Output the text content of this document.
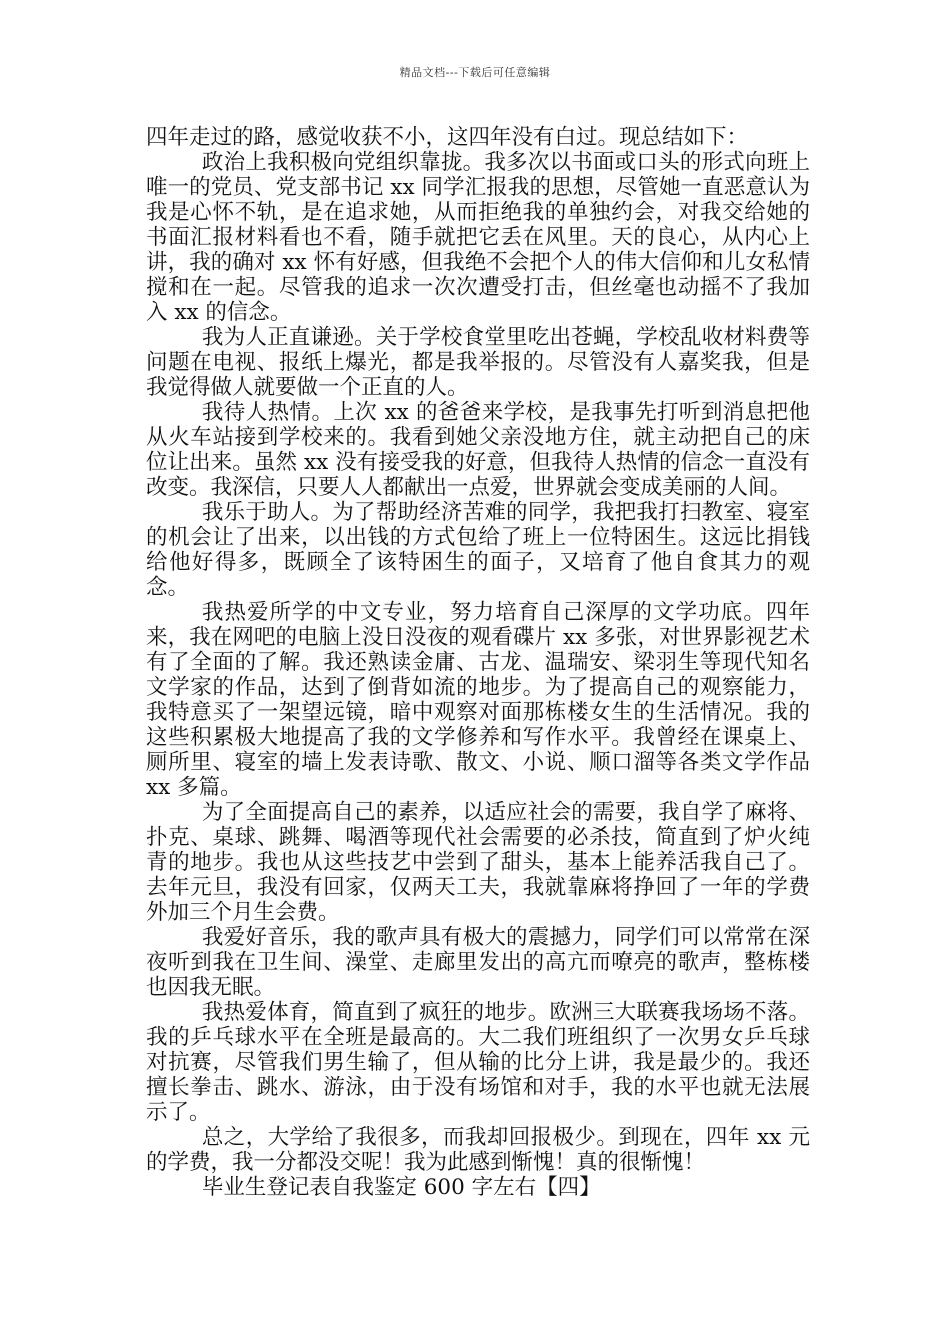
精品文档---下载后可任意编辑

四年走过的路，感觉收获不小，这四年没有白过。现总结如下：

政治上我积极向党组织靠拢。我多次以书面或口头的形式向班上唯一的党员、党支部书记 xx 同学汇报我的思想，尽管她一直恶意认为我是心怀不轨，是在追求她，从而拒绝我的单独约会，对我交给她的书面汇报材料看也不看，随手就把它丢在风里。天的良心，从内心上讲，我的确对 xx 怀有好感，但我绝不会把个人的伟大信仰和儿女私情搅和在一起。尽管我的追求一次次遭受打击，但丝毫也动摇不了我加入 xx 的信念。

我为人正直谦逊。关于学校食堂里吃出苍蝇，学校乱收材料费等问题在电视、报纸上爆光，都是我举报的。尽管没有人嘉奖我，但是我觉得做人就要做一个正直的人。

我待人热情。上次 xx 的爸爸来学校，是我事先打听到消息把他从火车站接到学校来的。我看到她父亲没地方住，就主动把自己的床位让出来。虽然 xx 没有接受我的好意，但我待人热情的信念一直没有改变。我深信，只要人人都献出一点爱，世界就会变成美丽的人间。

我乐于助人。为了帮助经济苦难的同学，我把我打扫教室、寝室的机会让了出来，以出钱的方式包给了班上一位特困生。这远比捐钱给他好得多，既顾全了该特困生的面子，又培育了他自食其力的观念。

我热爱所学的中文专业，努力培育自己深厚的文学功底。四年来，我在网吧的电脑上没日没夜的观看碟片 xx 多张，对世界影视艺术有了全面的了解。我还熟读金庸、古龙、温瑞安、梁羽生等现代知名文学家的作品，达到了倒背如流的地步。为了提高自己的观察能力，我特意买了一架望远镜，暗中观察对面那栋楼女生的生活情况。我的这些积累极大地提高了我的文学修养和写作水平。我曾经在课桌上、厕所里、寝室的墙上发表诗歌、散文、小说、顺口溜等各类文学作品 xx 多篇。

为了全面提高自己的素养，以适应社会的需要，我自学了麻将、扑克、桌球、跳舞、喝酒等现代社会需要的必杀技，简直到了炉火纯青的地步。我也从这些技艺中尝到了甜头，基本上能养活我自己了。去年元旦，我没有回家，仅两天工夫，我就靠麻将挣回了一年的学费外加三个月生会费。

我爱好音乐，我的歌声具有极大的震撼力，同学们可以常常在深夜听到我在卫生间、澡堂、走廊里发出的高亢而嘹亮的歌声，整栋楼也因我无眠。

我热爱体育，简直到了疯狂的地步。欧洲三大联赛我场场不落。我的乒乓球水平在全班是最高的。大二我们班组织了一次男女乒乓球对抗赛，尽管我们男生输了，但从输的比分上讲，我是最少的。我还擅长拳击、跳水、游泳，由于没有场馆和对手，我的水平也就无法展示了。

总之，大学给了我很多，而我却回报极少。到现在，四年 xx 元的学费，我一分都没交呢！我为此感到惭愧！真的很惭愧！

毕业生登记表自我鉴定 600 字左右【四】
